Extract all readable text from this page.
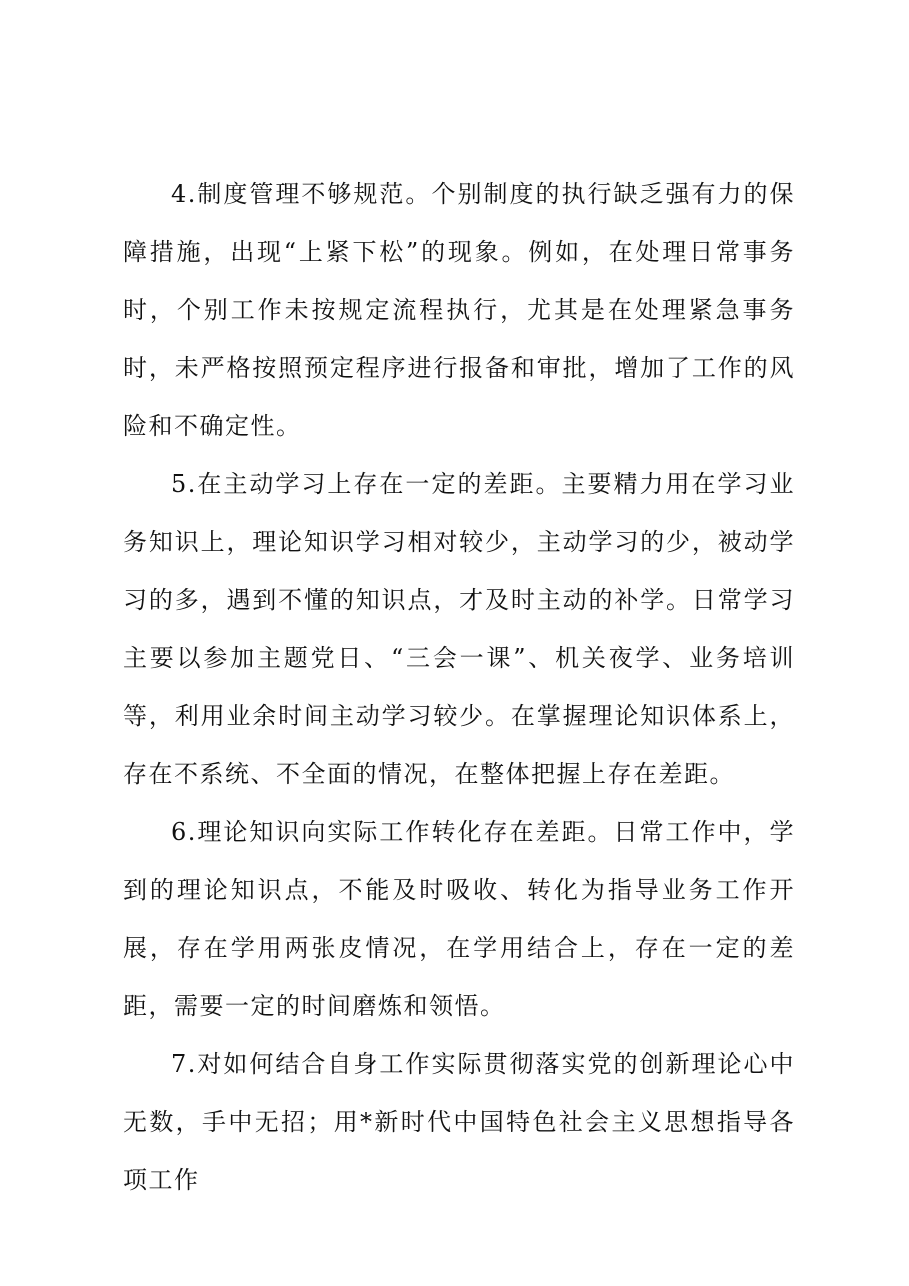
4.制度管理不够规范。个别制度的执行缺乏强有力的保障措施，出现“上紧下松”的现象。例如，在处理日常事务时，个别工作未按规定流程执行，尤其是在处理紧急事务时，未严格按照预定程序进行报备和审批，增加了工作的风险和不确定性。

5.在主动学习上存在一定的差距。主要精力用在学习业务知识上，理论知识学习相对较少，主动学习的少，被动学习的多，遇到不懂的知识点，才及时主动的补学。日常学习主要以参加主题党日、“三会一课”、机关夜学、业务培训等，利用业余时间主动学习较少。在掌握理论知识体系上，存在不系统、不全面的情况，在整体把握上存在差距。

6.理论知识向实际工作转化存在差距。日常工作中，学到的理论知识点，不能及时吸收、转化为指导业务工作开展，存在学用两张皮情况，在学用结合上，存在一定的差距，需要一定的时间磨炼和领悟。

7.对如何结合自身工作实际贯彻落实党的创新理论心中无数，手中无招；用*新时代中国特色社会主义思想指导各项工作
